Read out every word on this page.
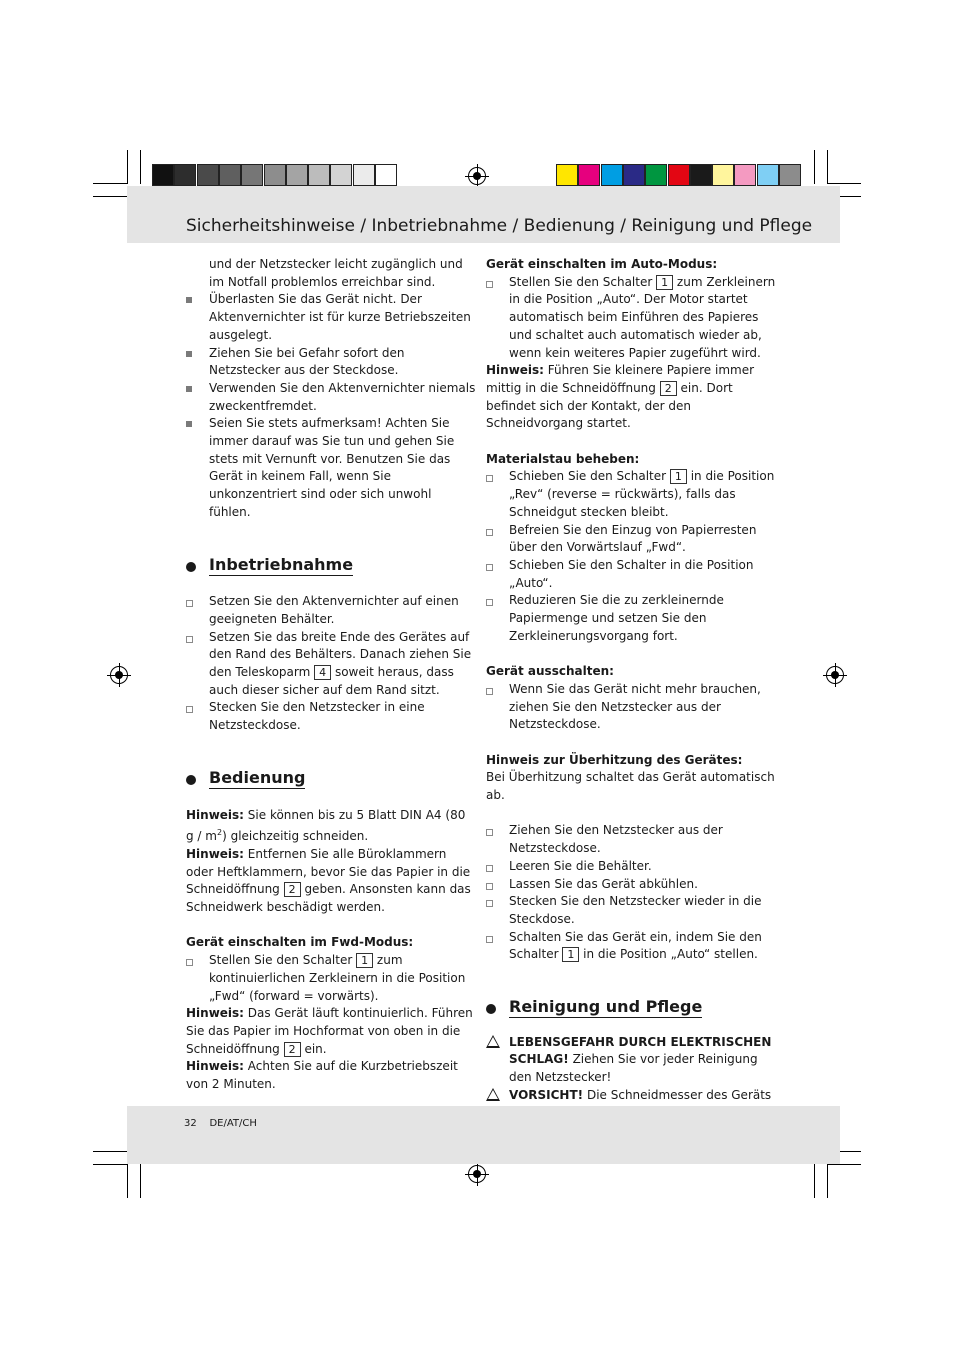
Sicherheitshinweise / Inbetriebnahme / Bedienung / Reinigung und Pflege
und der Netzstecker leicht zugänglich und im Notfall problemlos erreichbar sind.
Überlasten Sie das Gerät nicht. Der Aktenvernichter ist für kurze Betriebszeiten ausgelegt.
Ziehen Sie bei Gefahr sofort den Netzstecker aus der Steckdose.
Verwenden Sie den Aktenvernichter niemals zweckentfremdet.
Seien Sie stets aufmerksam! Achten Sie immer darauf was Sie tun und gehen Sie stets mit Vernunft vor. Benutzen Sie das Gerät in keinem Fall, wenn Sie unkonzentriert sind oder sich unwohl fühlen.
Inbetriebnahme
Setzen Sie den Aktenvernichter auf einen geeigneten Behälter.
Setzen Sie das breite Ende des Gerätes auf den Rand des Behälters. Danach ziehen Sie den Teleskoparm 4 soweit heraus, dass auch dieser sicher auf dem Rand sitzt.
Stecken Sie den Netzstecker in eine Netzsteckdose.
Bedienung

Hinweis: Sie können bis zu 5 Blatt DIN A4 (80 g / $m^2$) gleichzeitig schneiden.

Hinweis: Entfernen Sie alle Büroklammern oder Heftklammern, bevor Sie das Papier in die Schneidöffnung 2 geben. Ansonsten kann das Schneidwerk beschädigt werden.

Gerät einschalten im Fwd-Modus:

Stellen Sie den Schalter 1 zum kontinuierlichen Zerkleinern in die Position „Fwd“ (forward = vorwärts).

Hinweis: Das Gerät läuft kontinuierlich. Führen Sie das Papier im Hochformat von oben in die Schneidöffnung 2 ein.

Hinweis: Achten Sie auf die Kurzbetriebszeit von 2 Minuten.

Gerät einschalten im Auto-Modus:

Stellen Sie den Schalter 1 zum Zerkleinern in die Position „Auto“. Der Motor startet automatisch beim Einführen des Papieres und schaltet auch automatisch wieder ab, wenn kein weiteres Papier zugeführt wird.

Hinweis: Führen Sie kleinere Papiere immer mittig in die Schneidöffnung 2 ein. Dort befindet sich der Kontakt, der den Schneidvorgang startet.

Materialstau beheben:

Schieben Sie den Schalter 1 in die Position „Rev“ (reverse = rückwärts), falls das Schneidgut stecken bleibt.
Befreien Sie den Einzug von Papierresten über den Vorwärtslauf „Fwd“.
Schieben Sie den Schalter in die Position „Auto“.
Reduzieren Sie die zu zerkleinernde Papiermenge und setzen Sie den Zerkleinerungsvorgang fort.

Gerät ausschalten:

Wenn Sie das Gerät nicht mehr brauchen, ziehen Sie den Netzstecker aus der Netzsteckdose.

Hinweis zur Überhitzung des Gerätes:

Bei Überhitzung schaltet das Gerät automatisch ab.

Ziehen Sie den Netzstecker aus der Netzsteckdose.
Leeren Sie die Behälter.
Lassen Sie das Gerät abkühlen.
Stecken Sie den Netzstecker wieder in die Steckdose.
Schalten Sie das Gerät ein, indem Sie den Schalter 1 in die Position „Auto“ stellen.
Reinigung und Pflege
LEBENSGEFAHR DURCH ELEKTRISCHEN SCHLAG! Ziehen Sie vor jeder Reinigung den Netzstecker!
VORSICHT! Die Schneidmesser des Geräts
32 DE/AT/CH
